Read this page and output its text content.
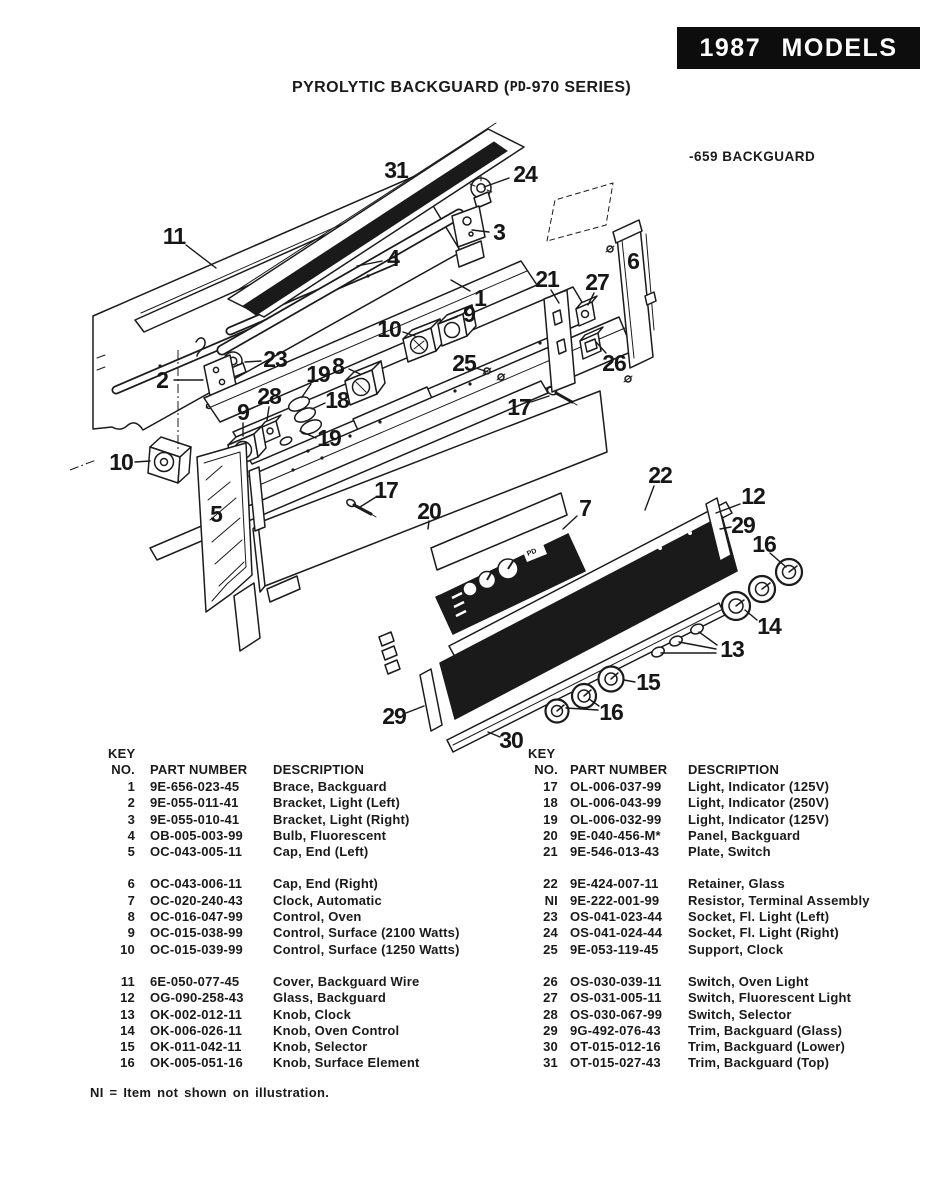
1987 MODELS
PYROLYTIC BACKGUARD (PD-970 SERIES)
-659 BACKGUARD
PD
31	24
11	3
4
1
9
10
21 27
6
26
23
2
8
19
18
19
25
28
9
10
5
17
17
20	7
22
12
29
16
14
13
15
16
29
30
KEY
NO. PART NUMBER	DESCRIPTION
1 9E-656-023-45	Brace, Backguard
2 9E-055-011-41	Bracket, Light (Left)
3 9E-055-010-41	Bracket, Light (Right)
4 OB-005-003-99	Bulb, Fluorescent
5 OC-043-005-11	Cap, End (Left)
6 OC-043-006-11	Cap, End (Right)
7 OC-020-240-43	Clock, Automatic
8 OC-016-047-99	Control, Oven
9 OC-015-038-99	Control, Surface (2100 Watts)
10 OC-015-039-99	Control, Surface (1250 Watts)
11 6E-050-077-45	Cover, Backguard Wire
12 OG-090-258-43	Glass, Backguard
13 OK-002-012-11	Knob, Clock
14 OK-006-026-11	Knob, Oven Control
15 OK-011-042-11	Knob, Selector
16 OK-005-051-16	Knob, Surface Element
KEY
NO. PART NUMBER	DESCRIPTION
17 OL-006-037-99	Light, Indicator (125V)
18 OL-006-043-99	Light, Indicator (250V)
19 OL-006-032-99	Light, Indicator (125V)
20 9E-040-456-M*	Panel, Backguard
21 9E-546-013-43	Plate, Switch
22 9E-424-007-11	Retainer, Glass
NI 9E-222-001-99	Resistor, Terminal Assembly
23 OS-041-023-44	Socket, Fl. Light (Left)
24 OS-041-024-44	Socket, Fl. Light (Right)
25 9E-053-119-45	Support, Clock
26 OS-030-039-11	Switch, Oven Light
27 OS-031-005-11	Switch, Fluorescent Light
28 OS-030-067-99	Switch, Selector
29 9G-492-076-43	Trim, Backguard (Glass)
30 OT-015-012-16	Trim, Backguard (Lower)
31 OT-015-027-43	Trim, Backguard (Top)
NI = Item not shown on illustration.
